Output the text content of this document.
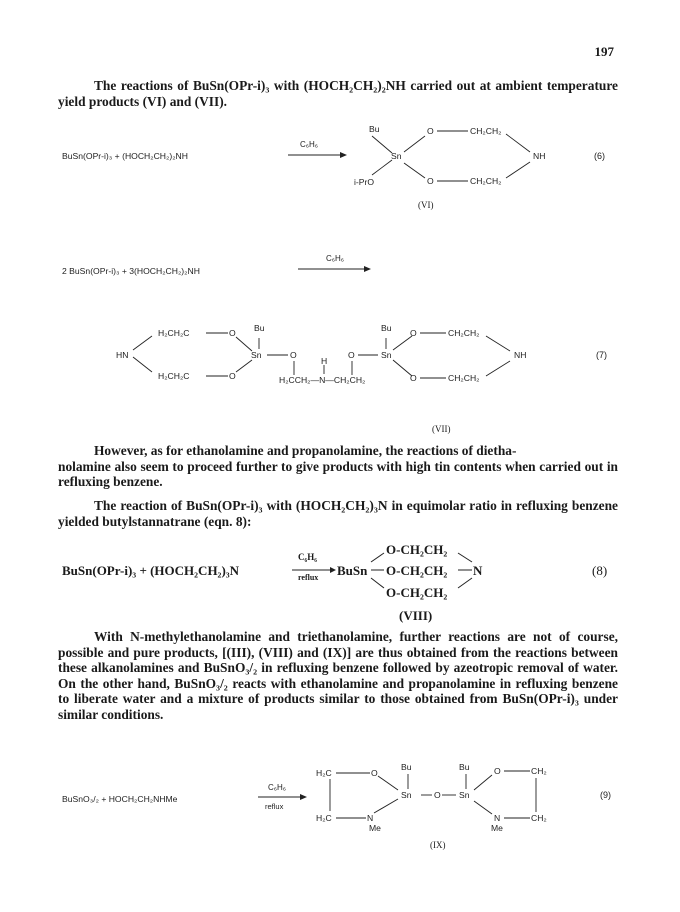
197
The reactions of BuSn(OPr-i)₃ with (HOCH₂CH₂)₂NH carried out at ambient temperature yield products (VI) and (VII).
BuSn(OPr-i)₃ + (HOCH₂CH₂)₂NH
C₆H₆
Bu
i-PrO
Sn
O
O
CH₂CH₂
CH₂CH₂
NH	(6)
(VI)
2 BuSn(OPr-i)₃ + 3(HOCH₂CH₂)₂NH
C₆H₆
HN
H₂CH₂C
H₂CH₂C
O
O
Bu
Sn	O
H
H₂CCH₂—N—CH₂CH₂
O	Sn
Bu O
O
CH₂CH₂
CH₂CH₂
NH	(7)
(VII)
However, as for ethanolamine and propanolamine, the reactions of dietha-
nolamine also seem to proceed further to give products with high tin contents when carried out in refluxing benzene.
The reaction of BuSn(OPr-i)₃ with (HOCH₂CH₂)₃N in equimolar ratio in refluxing benzene yielded butylstannatrane (eqn. 8):
BuSn(OPr-i)₃ + (HOCH₂CH₂)₃N
C₆H₆
reflux BuSn
O-CH₂CH₂
O-CH₂CH₂
O-CH₂CH₂
N	(8)
(VIII)
With N-methylethanolamine and triethanolamine, further reactions are not of course, possible and pure products, [(III), (VIII) and (IX)] are thus obtained from the reactions between these alkanolamines and BuSnO₃/₂ in refluxing benzene followed by azeotropic removal of water. On the other hand, BuSnO₃/₂ reacts with ethanolamine and propanolamine in refluxing benzene to liberate water and a mixture of products similar to those obtained from BuSn(OPr-i)₃ under similar conditions.
BuSnO₃/₂ + HOCH₂CH₂NHMe
C₆H₆
reflux
H₂C
H₂C
O
N
Me
Bu
Sn	O Sn
Bu	O
N
Me
CH₂
CH₂
(9)
(IX)
